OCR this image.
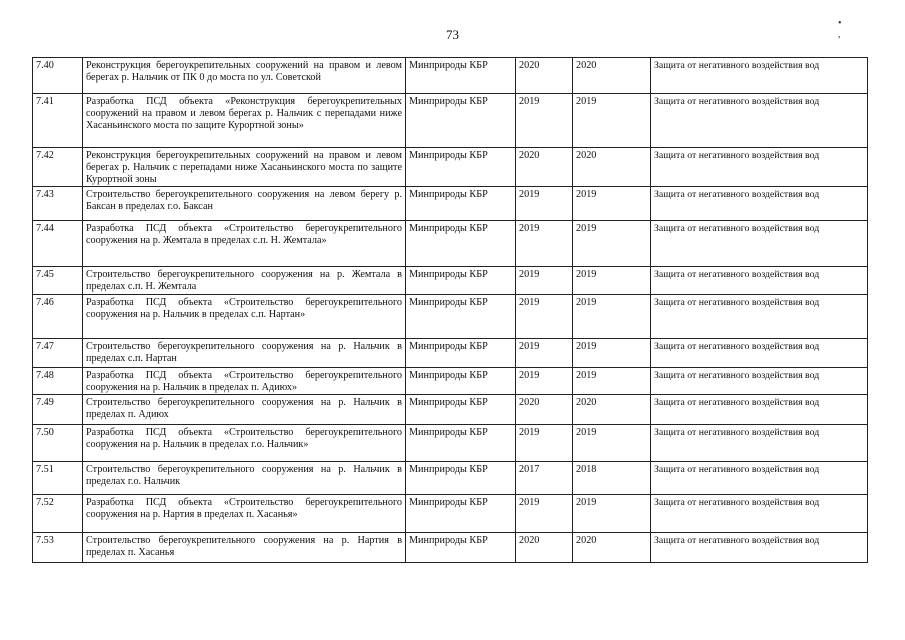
73
• ,
7.40	Реконструкция берегоукрепительных сооружений на правом и левом берегах р. Нальчик от ПК 0 до моста по ул. Советской	Минприроды КБР	2020	2020	Защита от негативного воздействия вод
7.41	Разработка ПСД объекта «Реконструкция берегоукрепительных сооружений на правом и левом берегах р. Нальчик с перепадами ниже Хасаньинского моста по защите Курортной зоны»	Минприроды КБР	2019	2019	Защита от негативного воздействия вод
7.42	Реконструкция берегоукрепительных сооружений на правом и левом берегах р. Нальчик с перепадами ниже Хасаньинского моста по защите Курортной зоны	Минприроды КБР	2020	2020	Защита от негативного воздействия вод
7.43	Строительство берегоукрепительного сооружения на левом берегу р. Баксан в пределах г.о. Баксан	Минприроды КБР	2019	2019	Защита от негативного воздействия вод
7.44	Разработка ПСД объекта «Строительство берегоукрепительного сооружения на р. Жемтала в пределах с.п. Н. Жемтала»	Минприроды КБР	2019	2019	Защита от негативного воздействия вод
7.45	Строительство берегоукрепительного сооружения на р. Жемтала в пределах с.п. Н. Жемтала	Минприроды КБР	2019	2019	Защита от негативного воздействия вод
7.46	Разработка ПСД объекта «Строительство берегоукрепительного сооружения на р. Нальчик в пределах с.п. Нартан»	Минприроды КБР	2019	2019	Защита от негативного воздействия вод
7.47	Строительство берегоукрепительного сооружения на р. Нальчик в пределах с.п. Нартан	Минприроды КБР	2019	2019	Защита от негативного воздействия вод
7.48	Разработка ПСД объекта «Строительство берегоукрепительного сооружения на р. Нальчик в пределах п. Адиюх»	Минприроды КБР	2019	2019	Защита от негативного воздействия вод
7.49	Строительство берегоукрепительного сооружения на р. Нальчик в пределах п. Адиюх	Минприроды КБР	2020	2020	Защита от негативного воздействия вод
7.50	Разработка ПСД объекта «Строительство берегоукрепительного сооружения на р. Нальчик в пределах г.о. Нальчик»	Минприроды КБР	2019	2019	Защита от негативного воздействия вод
7.51	Строительство берегоукрепительного сооружения на р. Нальчик в пределах г.о. Нальчик	Минприроды КБР	2017	2018	Защита от негативного воздействия вод
7.52	Разработка ПСД объекта «Строительство берегоукрепительного сооружения на р. Нартия в пределах п. Хасанья»	Минприроды КБР	2019	2019	Защита от негативного воздействия вод
7.53	Строительство берегоукрепительного сооружения на р. Нартия в пределах п. Хасанья	Минприроды КБР	2020	2020	Защита от негативного воздействия вод
